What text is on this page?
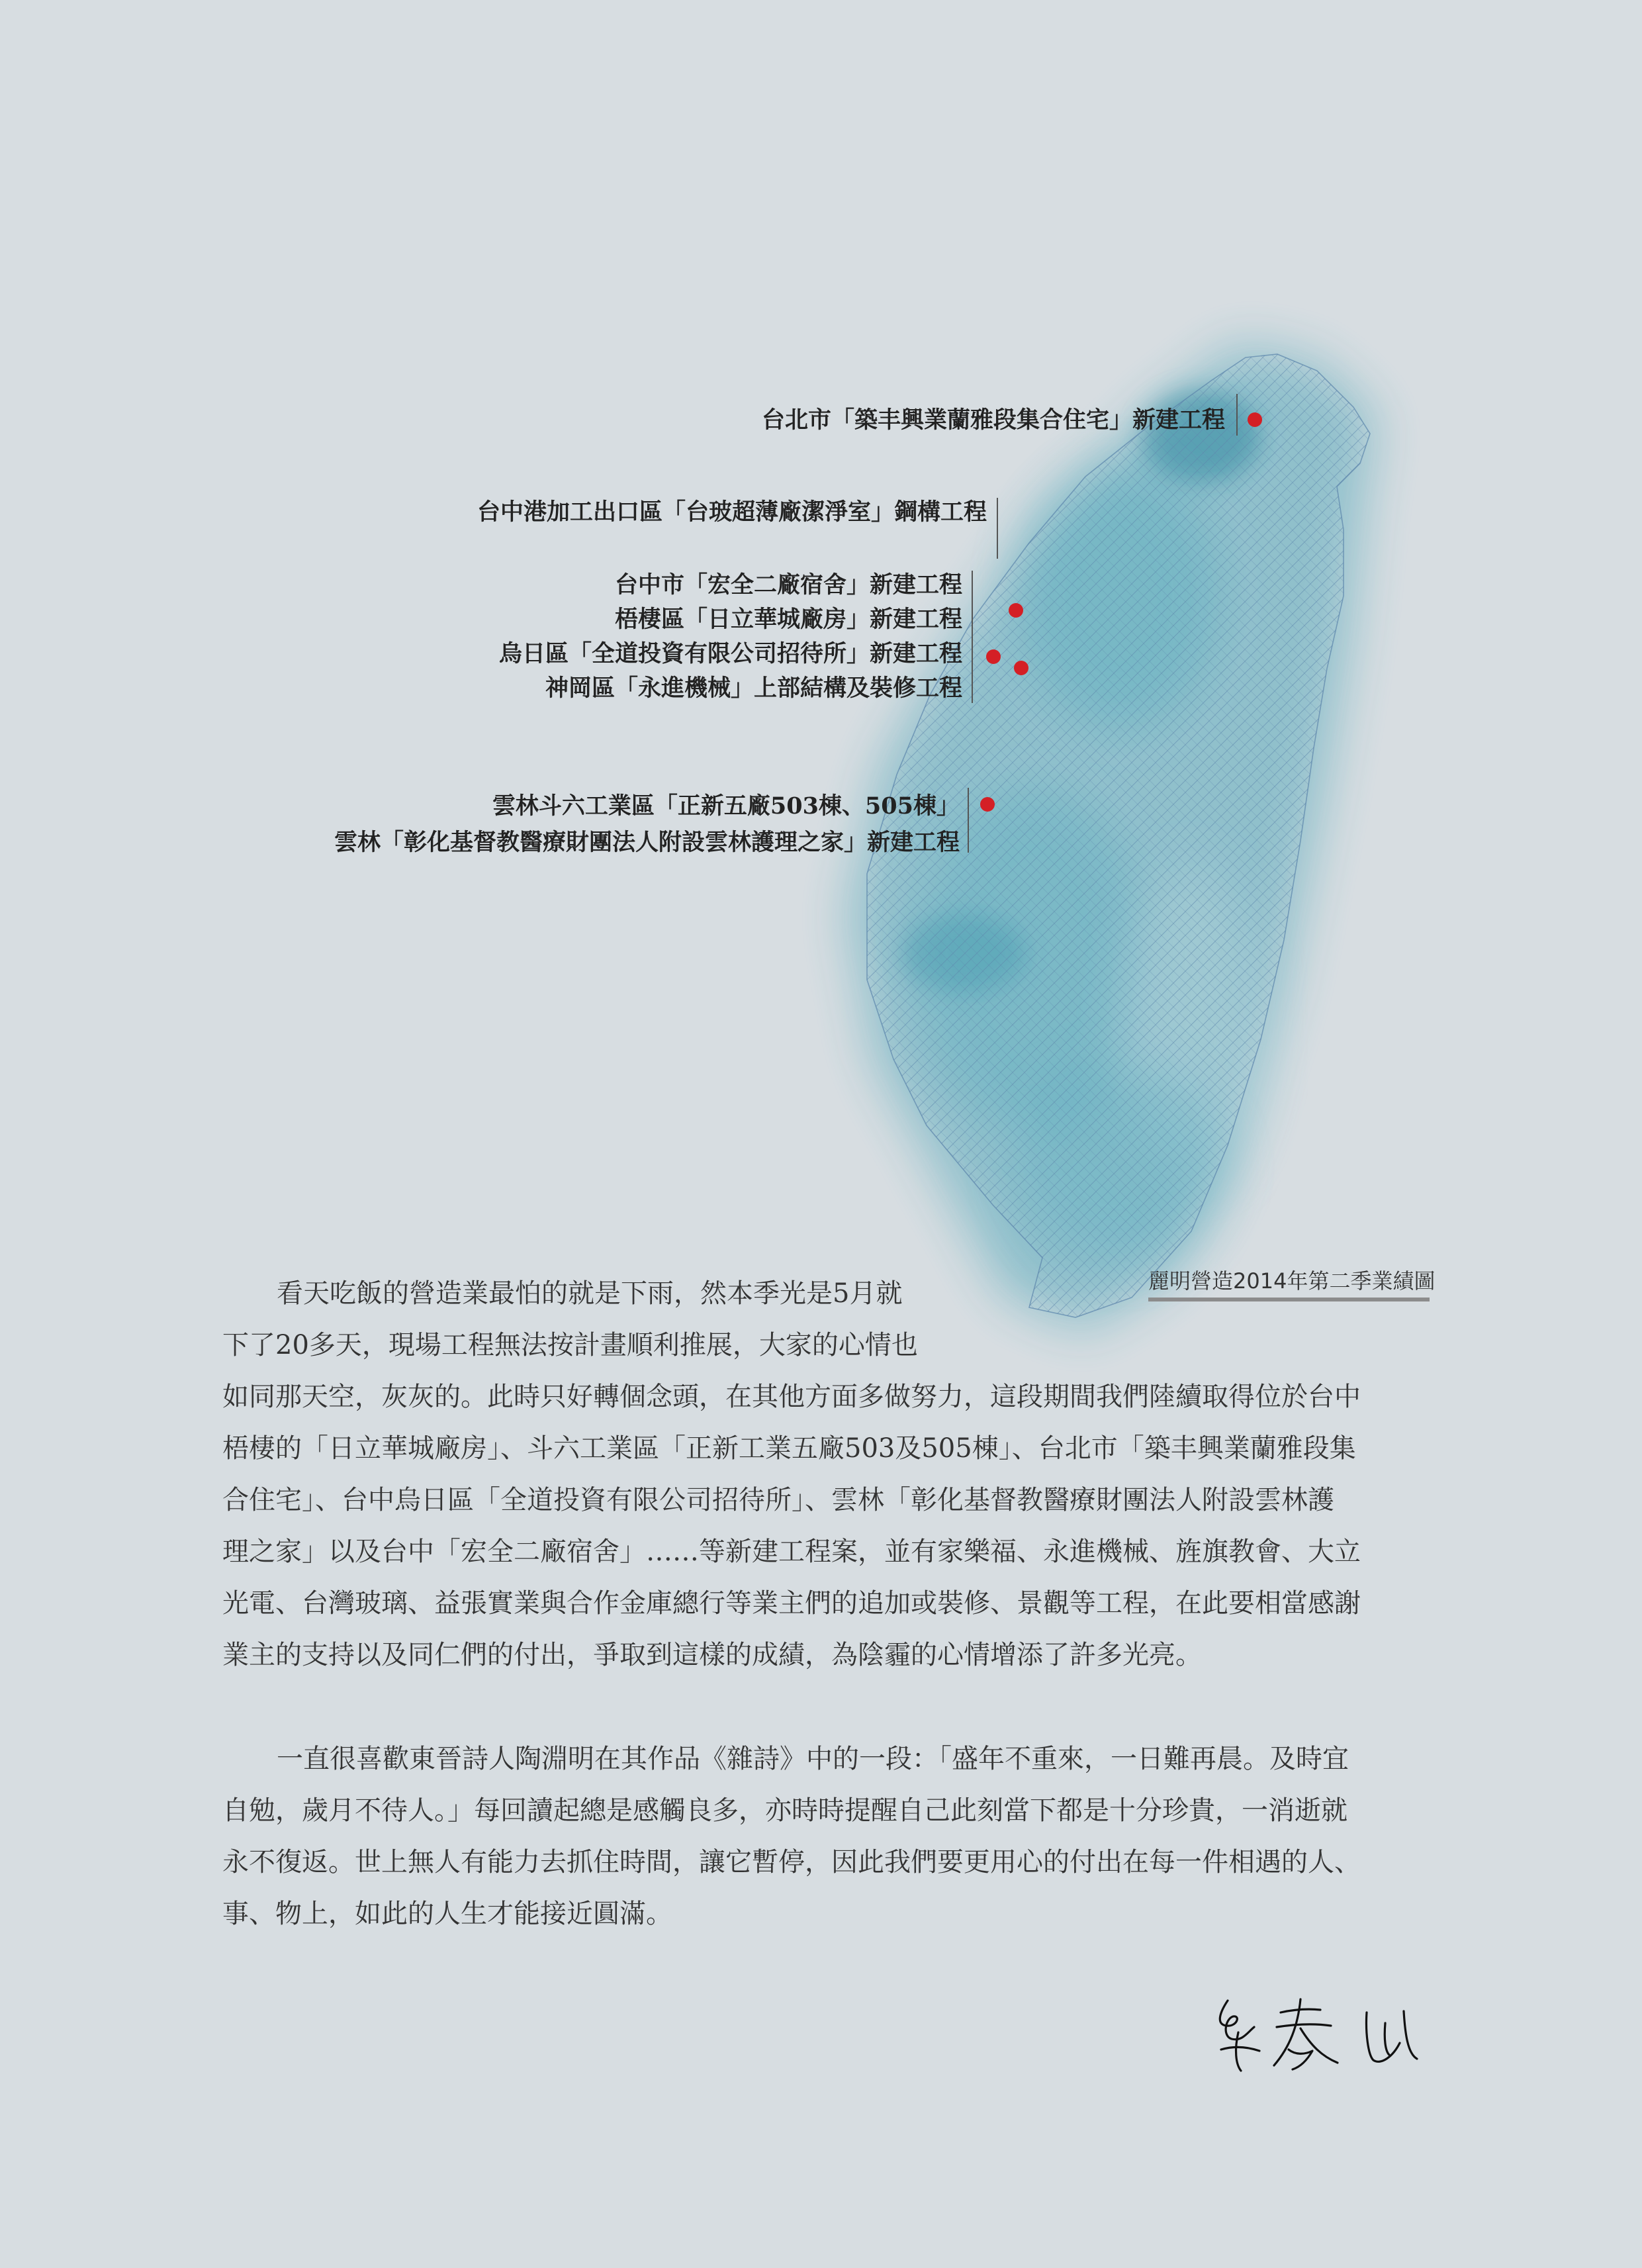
台北市「築丰興業蘭雅段集合住宅」新建工程
台中港加工出口區「台玻超薄廠潔淨室」鋼構工程
台中市「宏全二廠宿舍」新建工程
梧棲區「日立華城廠房」新建工程
烏日區「全道投資有限公司招待所」新建工程
神岡區「永進機械」上部結構及裝修工程
雲林斗六工業區「正新五廠503棟、505棟」
雲林「彰化基督教醫療財團法人附設雲林護理之家」新建工程
麗明營造2014年第二季業績圖

看天吃飯的營造業最怕的就是下雨，然本季光是5月就

下了20多天，現場工程無法按計畫順利推展，大家的心情也

如同那天空，灰灰的。此時只好轉個念頭，在其他方面多做努力，這段期間我們陸續取得位於台中

梧棲的「日立華城廠房」、斗六工業區「正新工業五廠503及505棟」、台北市「築丰興業蘭雅段集

合住宅」、台中烏日區「全道投資有限公司招待所」、雲林「彰化基督教醫療財團法人附設雲林護

理之家」以及台中「宏全二廠宿舍」……等新建工程案，並有家樂福、永進機械、旌旗教會、大立

光電、台灣玻璃、益張實業與合作金庫總行等業主們的追加或裝修、景觀等工程，在此要相當感謝

業主的支持以及同仁們的付出，爭取到這樣的成績，為陰霾的心情增添了許多光亮。

一直很喜歡東晉詩人陶淵明在其作品《雜詩》中的一段：「盛年不重來，一日難再晨。及時宜

自勉，歲月不待人。」每回讀起總是感觸良多，亦時時提醒自己此刻當下都是十分珍貴，一消逝就

永不復返。世上無人有能力去抓住時間，讓它暫停，因此我們要更用心的付出在每一件相遇的人、

事、物上，如此的人生才能接近圓滿。
